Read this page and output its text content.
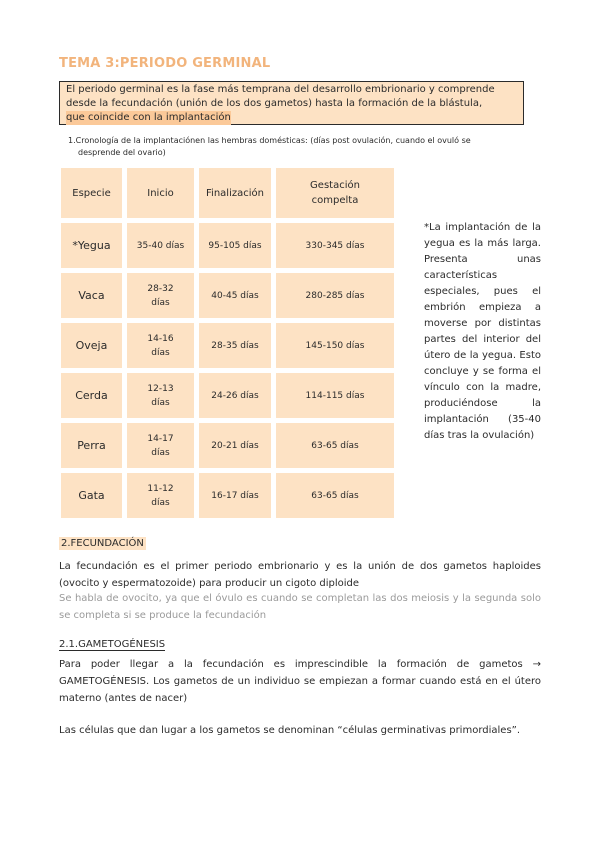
TEMA 3:PERIODO GERMINAL
El periodo germinal es la fase más temprana del desarrollo embrionario y comprende
desde la fecundación (unión de los dos gametos) hasta la formación de la blástula,
que coincide con la implantación
1.Cronología de la implantaciónen las hembras domésticas: (días post ovulación, cuando el ovuló se
desprende del ovario)
Especie	Inicio	Finalización	Gestación compelta

*Yegua	35-40 días	95-105 días	330-345 días
Vaca	28-32 días	40-45 días	280-285 días
Oveja	14-16 días	28-35 días	145-150 días
Cerda	12-13 días	24-26 días	114-115 días
Perra	14-17 días	20-21 días	63-65 días
Gata	11-12 días	16-17 días	63-65 días
*La implantación de la yegua es la más larga. Presenta unas características especiales, pues el embrión empieza a moverse por distintas partes del interior del útero de la yegua. Esto concluye y se forma el vínculo con la madre, produciéndose la implantación (35-40 días tras la ovulación)
2.FECUNDACIÓN
La fecundación es el primer periodo embrionario y es la unión de dos gametos haploides (ovocito y espermatozoide) para producir un cigoto diploide
Se habla de ovocito, ya que el óvulo es cuando se completan las dos meiosis y la segunda solo se completa si se produce la fecundación
2.1.GAMETOGÉNESIS
Para poder llegar a la fecundación es imprescindible la formación de gametos → GAMETOGÉNESIS. Los gametos de un individuo se empiezan a formar cuando está en el útero materno (antes de nacer)
Las células que dan lugar a los gametos se denominan “células germinativas primordiales”.
